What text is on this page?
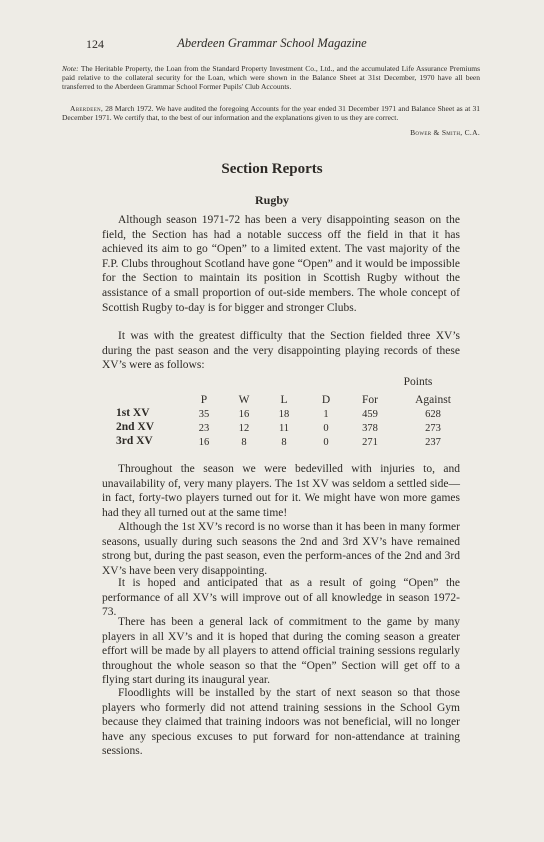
124	Aberdeen Grammar School Magazine
Note: The Heritable Property, the Loan from the Standard Property Investment Co., Ltd., and the accumulated Life Assurance Premiums paid relative to the collateral security for the Loan, which were shown in the Balance Sheet at 31st December, 1970 have all been transferred to the Aberdeen Grammar School Former Pupils' Club Accounts.
Aberdeen, 28 March 1972. We have audited the foregoing Accounts for the year ended 31 December 1971 and Balance Sheet as at 31 December 1971. We certify that, to the best of our information and the explanations given to us they are correct.
Bower & Smith, C.A.
Section Reports
Rugby

Although season 1971-72 has been a very disappointing season on the field, the Section has had a notable success off the field in that it has achieved its aim to go “Open” to a limited extent. The vast majority of the F.P. Clubs throughout Scotland have gone “Open” and it would be impossible for the Section to maintain its position in Scottish Rugby without the assistance of a small proportion of out-side members. The whole concept of Scottish Rugby to-day is for bigger and stronger Clubs.

It was with the greatest difficulty that the Section fielded three XV’s during the past season and the very disappointing playing records of these XV’s were as follows:

Points
P	W	L	D	For	Against
1st XV	35	16	18	1	459	628
2nd XV	23	12	11	0	378	273
3rd XV	16	8	8	0	271	237

Throughout the season we were bedevilled with injuries to, and unavailability of, very many players. The 1st XV was seldom a settled side—in fact, forty-two players turned out for it. We might have won more games had they all turned out at the same time!

Although the 1st XV’s record is no worse than it has been in many former seasons, usually during such seasons the 2nd and 3rd XV’s have remained strong but, during the past season, even the perform-ances of the 2nd and 3rd XV’s have been very disappointing.

It is hoped and anticipated that as a result of going “Open” the performance of all XV’s will improve out of all knowledge in season 1972-73.

There has been a general lack of commitment to the game by many players in all XV’s and it is hoped that during the coming season a greater effort will be made by all players to attend official training sessions regularly throughout the whole season so that the “Open” Section will get off to a flying start during its inaugural year.

Floodlights will be installed by the start of next season so that those players who formerly did not attend training sessions in the School Gym because they claimed that training indoors was not beneficial, will no longer have any specious excuses to put forward for non-attendance at training sessions.
